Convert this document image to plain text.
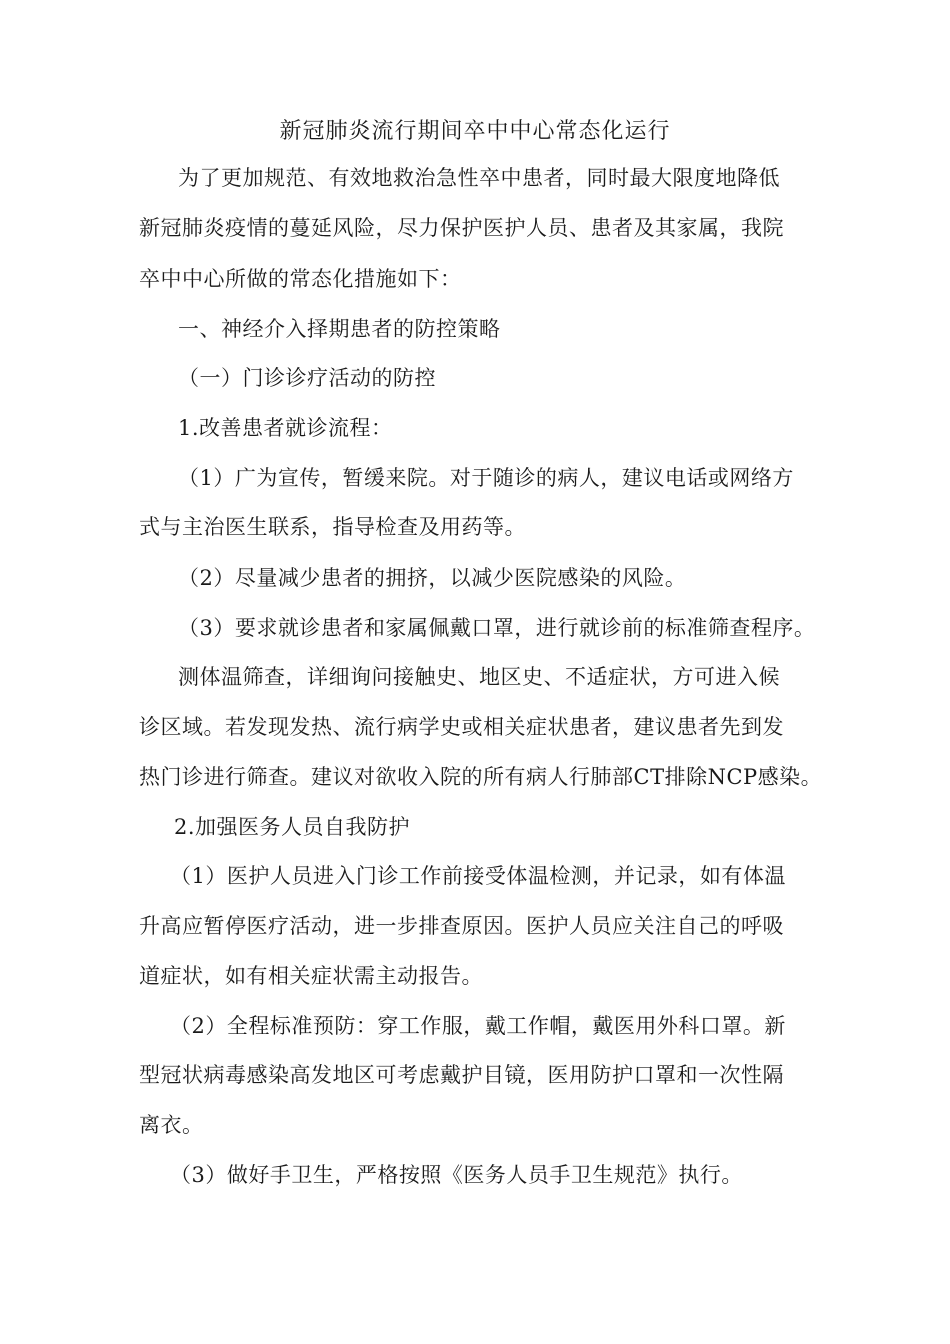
新冠肺炎流行期间卒中中心常态化运行
为了更加规范、有效地救治急性卒中患者，同时最大限度地降低
新冠肺炎疫情的蔓延风险，尽力保护医护人员、患者及其家属，我院
卒中中心所做的常态化措施如下：
一、神经介入择期患者的防控策略
（一）门诊诊疗活动的防控
1.改善患者就诊流程：
（1）广为宣传，暂缓来院。对于随诊的病人，建议电话或网络方
式与主治医生联系，指导检查及用药等。
（2）尽量减少患者的拥挤，以减少医院感染的风险。
（3）要求就诊患者和家属佩戴口罩，进行就诊前的标准筛查程序。
测体温筛查，详细询问接触史、地区史、不适症状，方可进入候
诊区域。若发现发热、流行病学史或相关症状患者，建议患者先到发
热门诊进行筛查。建议对欲收入院的所有病人行肺部CT排除NCP感染。
2.加强医务人员自我防护
（1）医护人员进入门诊工作前接受体温检测，并记录，如有体温
升高应暂停医疗活动，进一步排查原因。医护人员应关注自己的呼吸
道症状，如有相关症状需主动报告。
（2）全程标准预防：穿工作服，戴工作帽，戴医用外科口罩。新
型冠状病毒感染高发地区可考虑戴护目镜，医用防护口罩和一次性隔
离衣。
（3）做好手卫生，严格按照《医务人员手卫生规范》执行。
